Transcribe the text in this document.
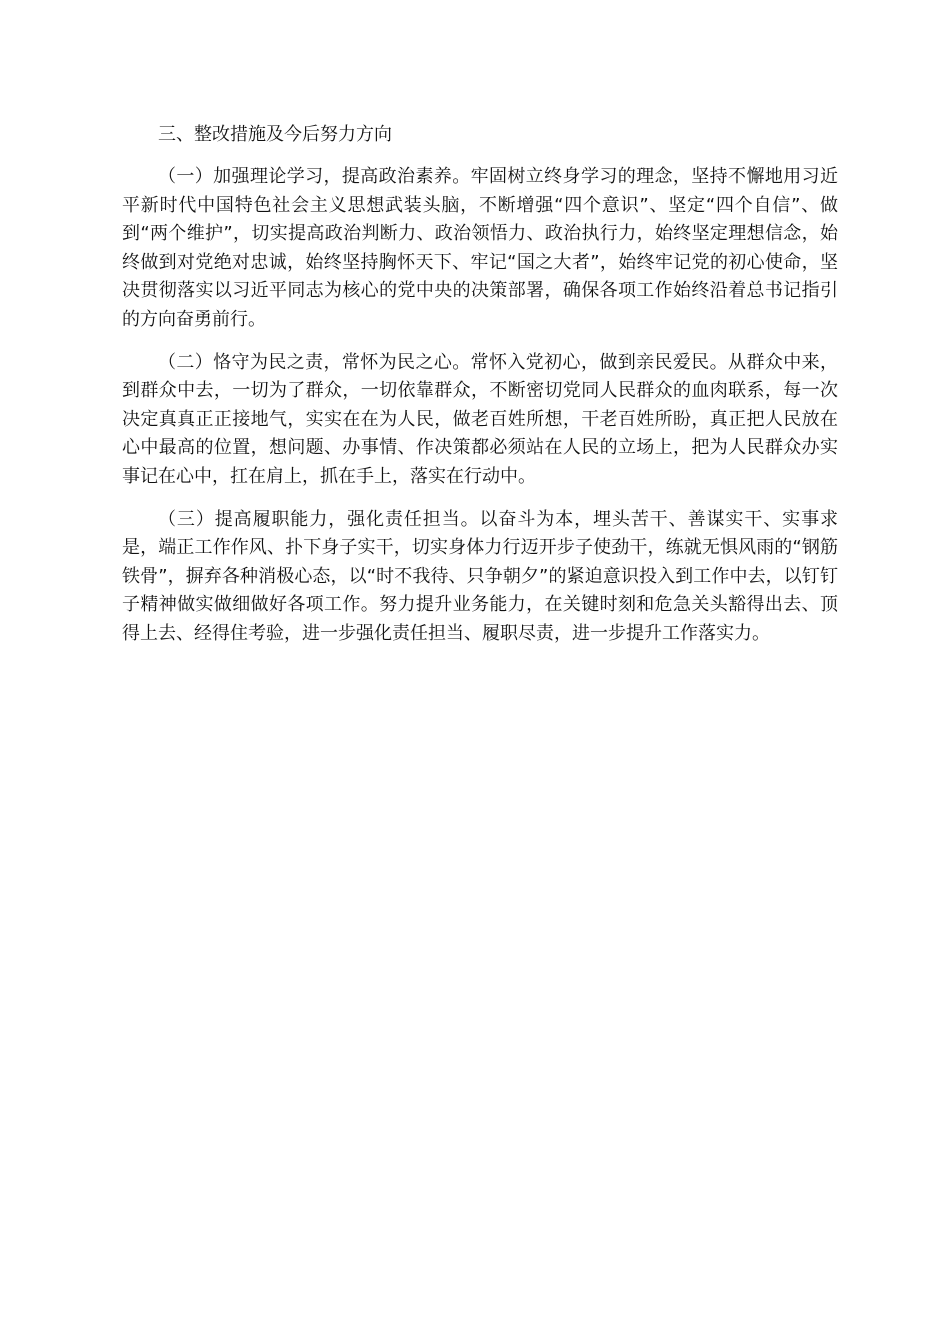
三、整改措施及今后努力方向

（一）加强理论学习，提高政治素养。牢固树立终身学习的理念，坚持不懈地用习近平新时代中国特色社会主义思想武装头脑，不断增强“四个意识”、坚定“四个自信”、做到“两个维护”，切实提高政治判断力、政治领悟力、政治执行力，始终坚定理想信念，始终做到对党绝对忠诚，始终坚持胸怀天下、牢记“国之大者”，始终牢记党的初心使命，坚决贯彻落实以习近平同志为核心的党中央的决策部署，确保各项工作始终沿着总书记指引的方向奋勇前行。

（二）恪守为民之责，常怀为民之心。常怀入党初心，做到亲民爱民。从群众中来，到群众中去，一切为了群众，一切依靠群众，不断密切党同人民群众的血肉联系，每一次决定真真正正接地气，实实在在为人民，做老百姓所想，干老百姓所盼，真正把人民放在心中最高的位置，想问题、办事情、作决策都必须站在人民的立场上，把为人民群众办实事记在心中，扛在肩上，抓在手上，落实在行动中。

（三）提高履职能力，强化责任担当。以奋斗为本，埋头苦干、善谋实干、实事求是，端正工作作风、扑下身子实干，切实身体力行迈开步子使劲干，练就无惧风雨的“钢筋铁骨”，摒弃各种消极心态，以“时不我待、只争朝夕”的紧迫意识投入到工作中去，以钉钉子精神做实做细做好各项工作。努力提升业务能力，在关键时刻和危急关头豁得出去、顶得上去、经得住考验，进一步强化责任担当、履职尽责，进一步提升工作落实力。
